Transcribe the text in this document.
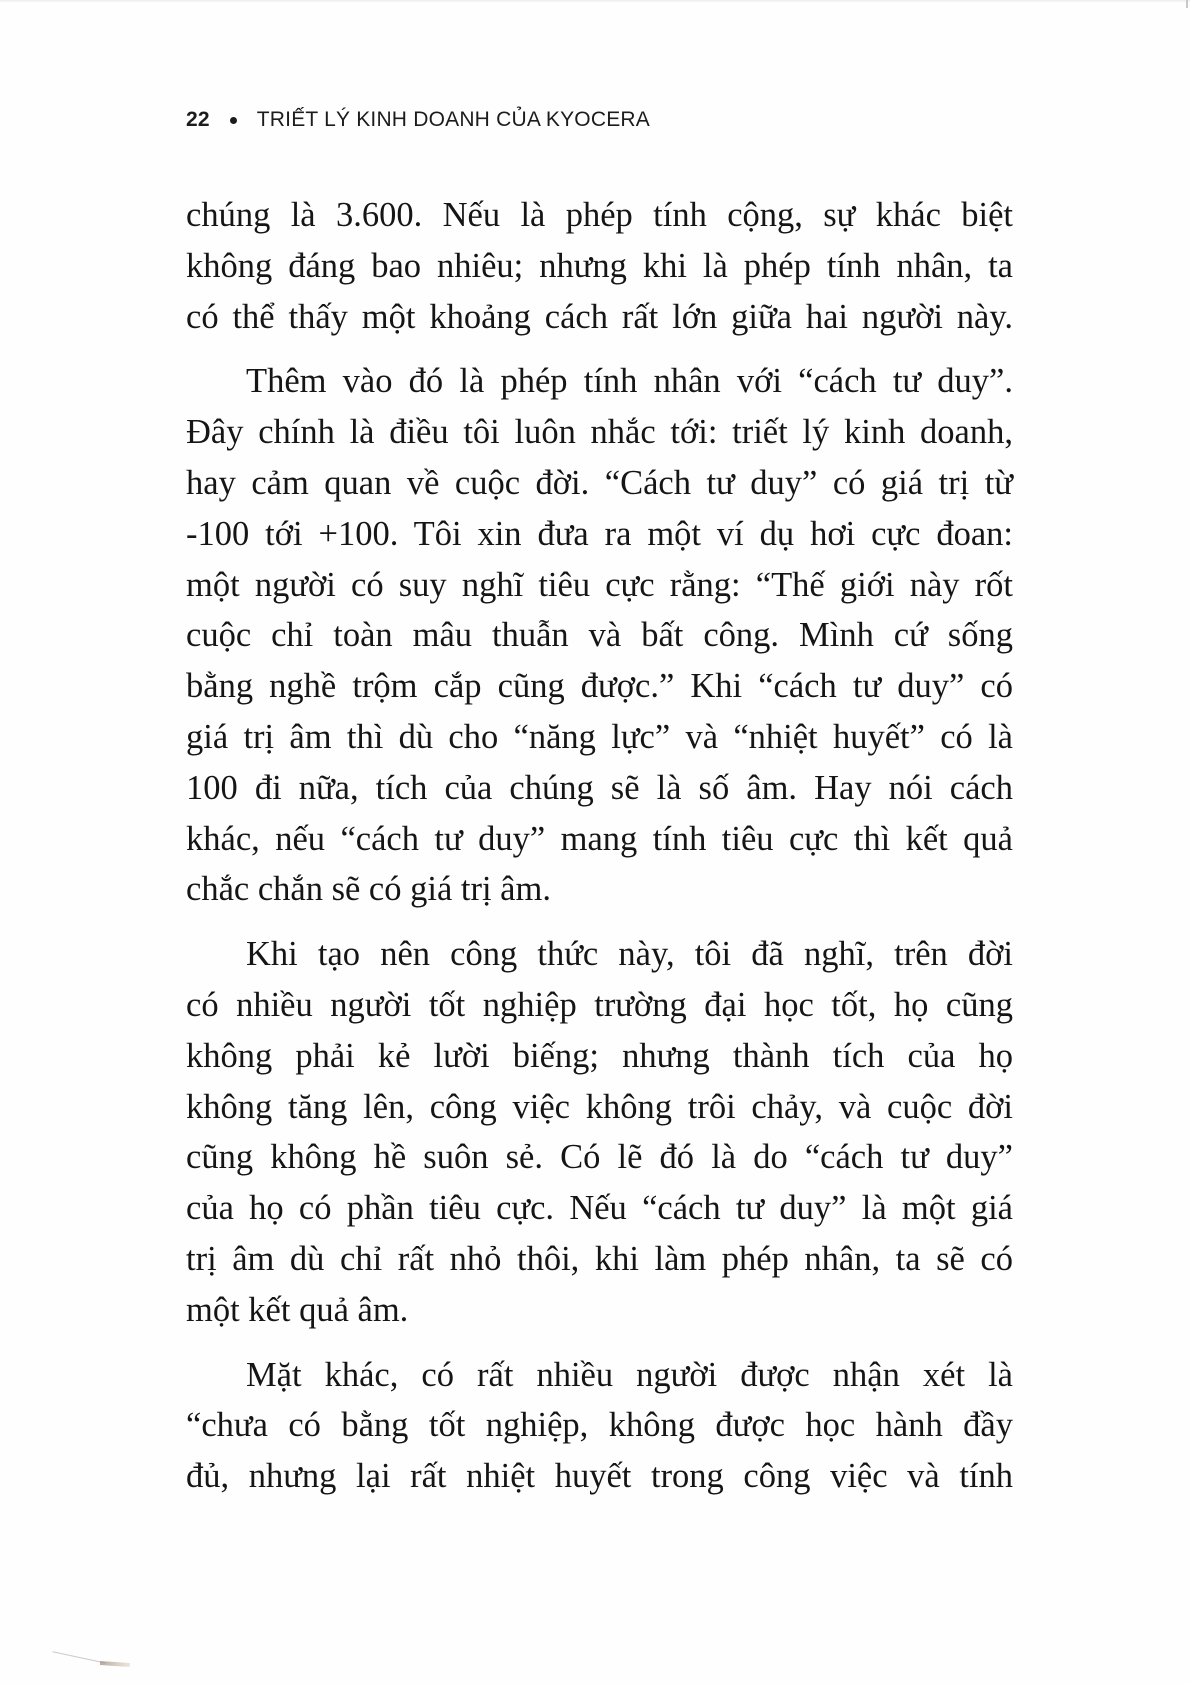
22 TRIẾT LÝ KINH DOANH CỦA KYOCERA
chúng là 3.600. Nếu là phép tính cộng, sự khác biệt
không đáng bao nhiêu; nhưng khi là phép tính nhân, ta
có thể thấy một khoảng cách rất lớn giữa hai người này.
Thêm vào đó là phép tính nhân với “cách tư duy”.
Đây chính là điều tôi luôn nhắc tới: triết lý kinh doanh,
hay cảm quan về cuộc đời. “Cách tư duy” có giá trị từ
-100 tới +100. Tôi xin đưa ra một ví dụ hơi cực đoan:
một người có suy nghĩ tiêu cực rằng: “Thế giới này rốt
cuộc chỉ toàn mâu thuẫn và bất công. Mình cứ sống
bằng nghề trộm cắp cũng được.” Khi “cách tư duy” có
giá trị âm thì dù cho “năng lực” và “nhiệt huyết” có là
100 đi nữa, tích của chúng sẽ là số âm. Hay nói cách
khác, nếu “cách tư duy” mang tính tiêu cực thì kết quả
chắc chắn sẽ có giá trị âm.
Khi tạo nên công thức này, tôi đã nghĩ, trên đời
có nhiều người tốt nghiệp trường đại học tốt, họ cũng
không phải kẻ lười biếng; nhưng thành tích của họ
không tăng lên, công việc không trôi chảy, và cuộc đời
cũng không hề suôn sẻ. Có lẽ đó là do “cách tư duy”
của họ có phần tiêu cực. Nếu “cách tư duy” là một giá
trị âm dù chỉ rất nhỏ thôi, khi làm phép nhân, ta sẽ có
một kết quả âm.
Mặt khác, có rất nhiều người được nhận xét là
“chưa có bằng tốt nghiệp, không được học hành đầy
đủ, nhưng lại rất nhiệt huyết trong công việc và tính
